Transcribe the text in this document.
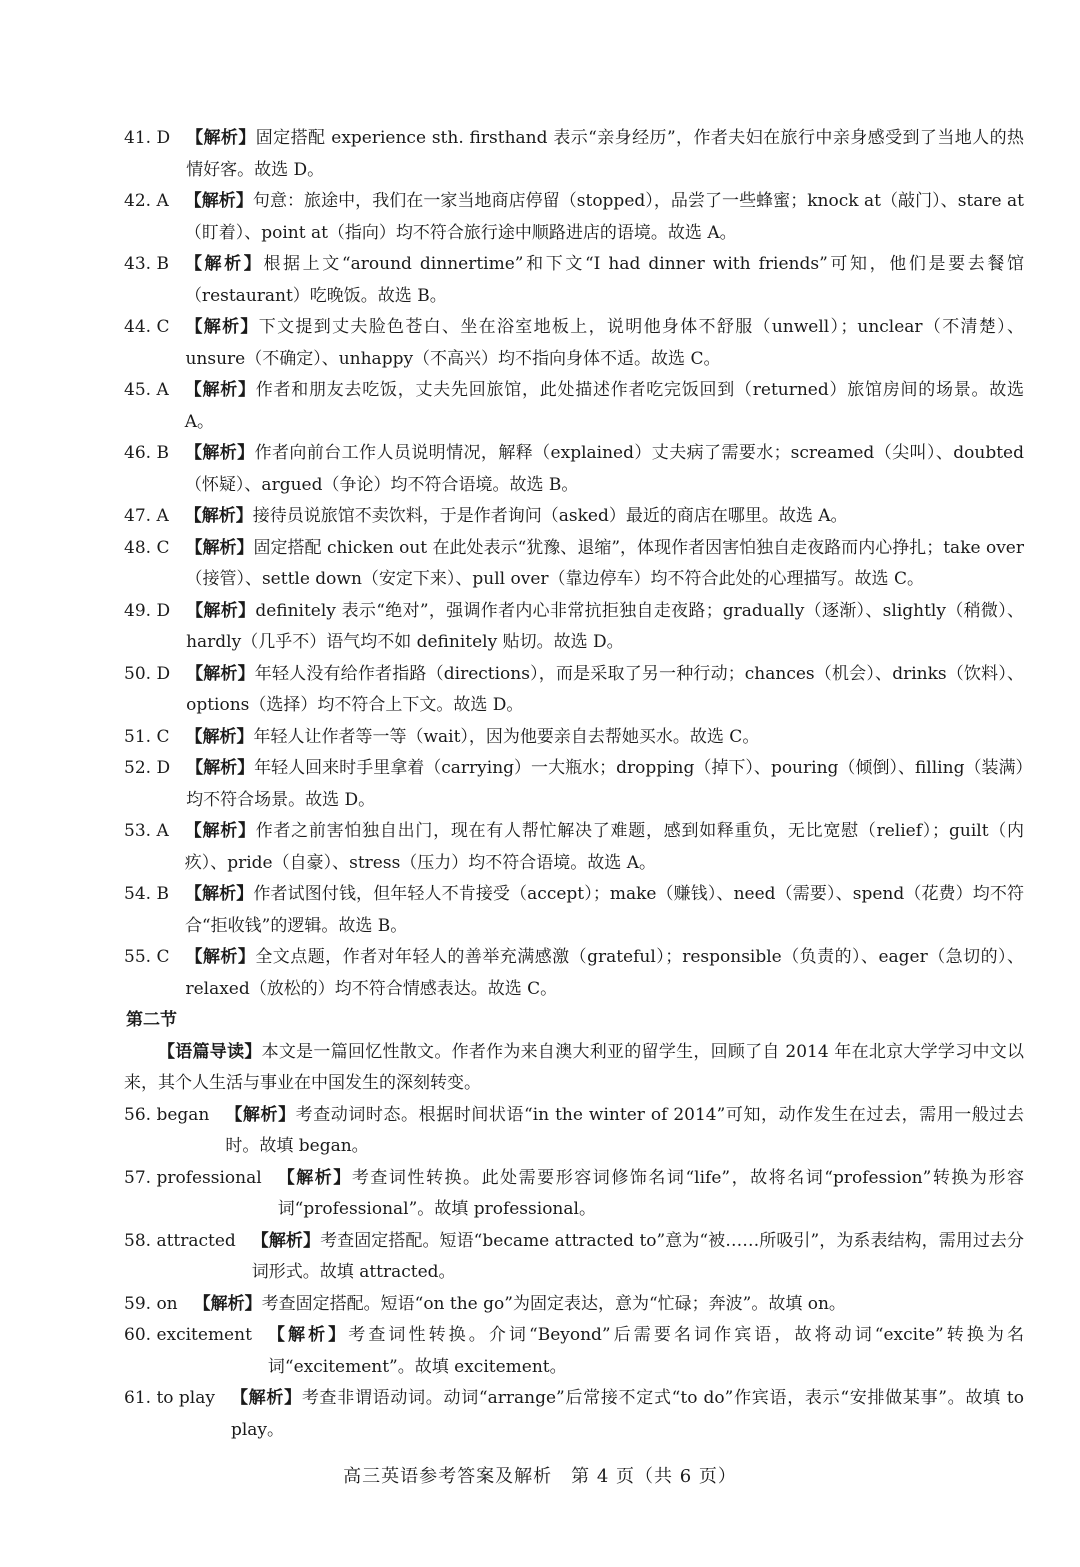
41. D 【解析】固定搭配 experience sth. firsthand 表示“亲身经历”，作者夫妇在旅行中亲身感受到了当地人的热情好客。故选 D。
42. A 【解析】句意：旅途中，我们在一家当地商店停留（stopped），品尝了一些蜂蜜；knock at（敲门）、stare at（盯着）、point at（指向）均不符合旅行途中顺路进店的语境。故选 A。
43. B 【解析】根据上文“around dinnertime”和下文“I had dinner with friends”可知，他们是要去餐馆（restaurant）吃晚饭。故选 B。
44. C 【解析】下文提到丈夫脸色苍白、坐在浴室地板上，说明他身体不舒服（unwell）；unclear（不清楚）、unsure（不确定）、unhappy（不高兴）均不指向身体不适。故选 C。
45. A 【解析】作者和朋友去吃饭，丈夫先回旅馆，此处描述作者吃完饭回到（returned）旅馆房间的场景。故选 A。
46. B 【解析】作者向前台工作人员说明情况，解释（explained）丈夫病了需要水；screamed（尖叫）、doubted（怀疑）、argued（争论）均不符合语境。故选 B。
47. A 【解析】接待员说旅馆不卖饮料，于是作者询问（asked）最近的商店在哪里。故选 A。
48. C 【解析】固定搭配 chicken out 在此处表示“犹豫、退缩”，体现作者因害怕独自走夜路而内心挣扎；take over（接管）、settle down（安定下来）、pull over（靠边停车）均不符合此处的心理描写。故选 C。
49. D 【解析】definitely 表示“绝对”，强调作者内心非常抗拒独自走夜路；gradually（逐渐）、slightly（稍微）、hardly（几乎不）语气均不如 definitely 贴切。故选 D。
50. D 【解析】年轻人没有给作者指路（directions），而是采取了另一种行动；chances（机会）、drinks（饮料）、options（选择）均不符合上下文。故选 D。
51. C 【解析】年轻人让作者等一等（wait），因为他要亲自去帮她买水。故选 C。
52. D 【解析】年轻人回来时手里拿着（carrying）一大瓶水；dropping（掉下）、pouring（倾倒）、filling（装满）均不符合场景。故选 D。
53. A 【解析】作者之前害怕独自出门，现在有人帮忙解决了难题，感到如释重负，无比宽慰（relief）；guilt（内疚）、pride（自豪）、stress（压力）均不符合语境。故选 A。
54. B 【解析】作者试图付钱，但年轻人不肯接受（accept）；make（赚钱）、need（需要）、spend（花费）均不符合“拒收钱”的逻辑。故选 B。
55. C 【解析】全文点题，作者对年轻人的善举充满感激（grateful）；responsible（负责的）、eager（急切的）、relaxed（放松的）均不符合情感表达。故选 C。
第二节
【语篇导读】本文是一篇回忆性散文。作者作为来自澳大利亚的留学生，回顾了自 2014 年在北京大学学习中文以来，其个人生活与事业在中国发生的深刻转变。
56. began 【解析】考查动词时态。根据时间状语“in the winter of 2014”可知，动作发生在过去，需用一般过去时。故填 began。
57. professional 【解析】考查词性转换。此处需要形容词修饰名词“life”，故将名词“profession”转换为形容词“professional”。故填 professional。
58. attracted 【解析】考查固定搭配。短语“became attracted to”意为“被……所吸引”，为系表结构，需用过去分词形式。故填 attracted。
59. on 【解析】考查固定搭配。短语“on the go”为固定表达，意为“忙碌；奔波”。故填 on。
60. excitement 【解析】考查词性转换。介词“Beyond”后需要名词作宾语，故将动词“excite”转换为名词“excitement”。故填 excitement。
61. to play 【解析】考查非谓语动词。动词“arrange”后常接不定式“to do”作宾语，表示“安排做某事”。故填 to play。
高三英语参考答案及解析　第 4 页（共 6 页）
